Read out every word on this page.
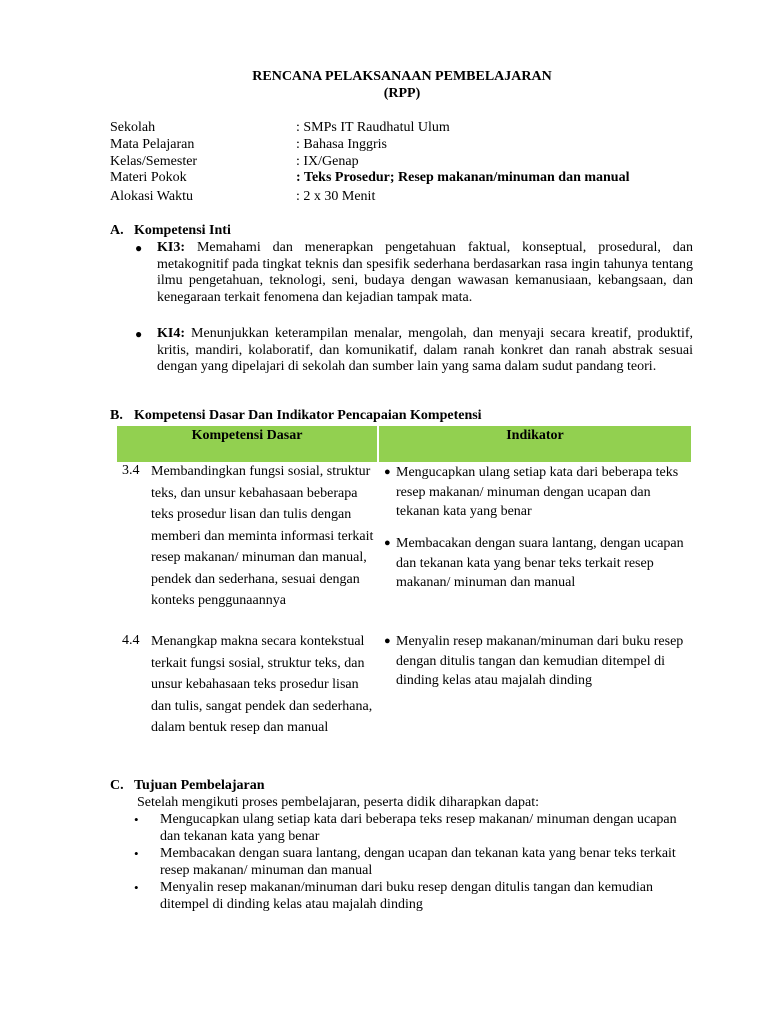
RENCANA PELAKSANAAN PEMBELAJARAN
(RPP)
Sekolah	: SMPs IT Raudhatul Ulum
Mata Pelajaran	: Bahasa Inggris
Kelas/Semester	: IX/Genap
Materi Pokok	: Teks Prosedur; Resep makanan/minuman dan manual
Alokasi Waktu	: 2 x 30 Menit
A. Kompetensi Inti
● KI3: Memahami dan menerapkan pengetahuan faktual, konseptual, prosedural, dan metakognitif pada tingkat teknis dan spesifik sederhana berdasarkan rasa ingin tahunya tentang ilmu pengetahuan, teknologi, seni, budaya dengan wawasan kemanusiaan, kebangsaan, dan kenegaraan terkait fenomena dan kejadian tampak mata.
● KI4: Menunjukkan keterampilan menalar, mengolah, dan menyaji secara kreatif, produktif, kritis, mandiri, kolaboratif, dan komunikatif, dalam ranah konkret dan ranah abstrak sesuai dengan yang dipelajari di sekolah dan sumber lain yang sama dalam sudut pandang teori.
B. Kompetensi Dasar Dan Indikator Pencapaian Kompetensi
Kompetensi Dasar	Indikator
3.4 Membandingkan fungsi sosial, struktur teks, dan unsur kebahasaan beberapa teks prosedur lisan dan tulis dengan memberi dan meminta informasi terkait resep makanan/ minuman dan manual, pendek dan sederhana, sesuai dengan konteks penggunaannya
● Mengucapkan ulang setiap kata dari beberapa teks resep makanan/ minuman dengan ucapan dan tekanan kata yang benar
● Membacakan dengan suara lantang, dengan ucapan dan tekanan kata yang benar teks terkait resep makanan/ minuman dan manual
4.4 Menangkap makna secara kontekstual terkait fungsi sosial, struktur teks, dan unsur kebahasaan teks prosedur lisan dan tulis, sangat pendek dan sederhana, dalam bentuk resep dan manual
● Menyalin resep makanan/minuman dari buku resep dengan ditulis tangan dan kemudian ditempel di dinding kelas atau majalah dinding
C. Tujuan Pembelajaran
Setelah mengikuti proses pembelajaran, peserta didik diharapkan dapat:
• Mengucapkan ulang setiap kata dari beberapa teks resep makanan/ minuman dengan ucapan dan tekanan kata yang benar
• Membacakan dengan suara lantang, dengan ucapan dan tekanan kata yang benar teks terkait resep makanan/ minuman dan manual
• Menyalin resep makanan/minuman dari buku resep dengan ditulis tangan dan kemudian ditempel di dinding kelas atau majalah dinding
